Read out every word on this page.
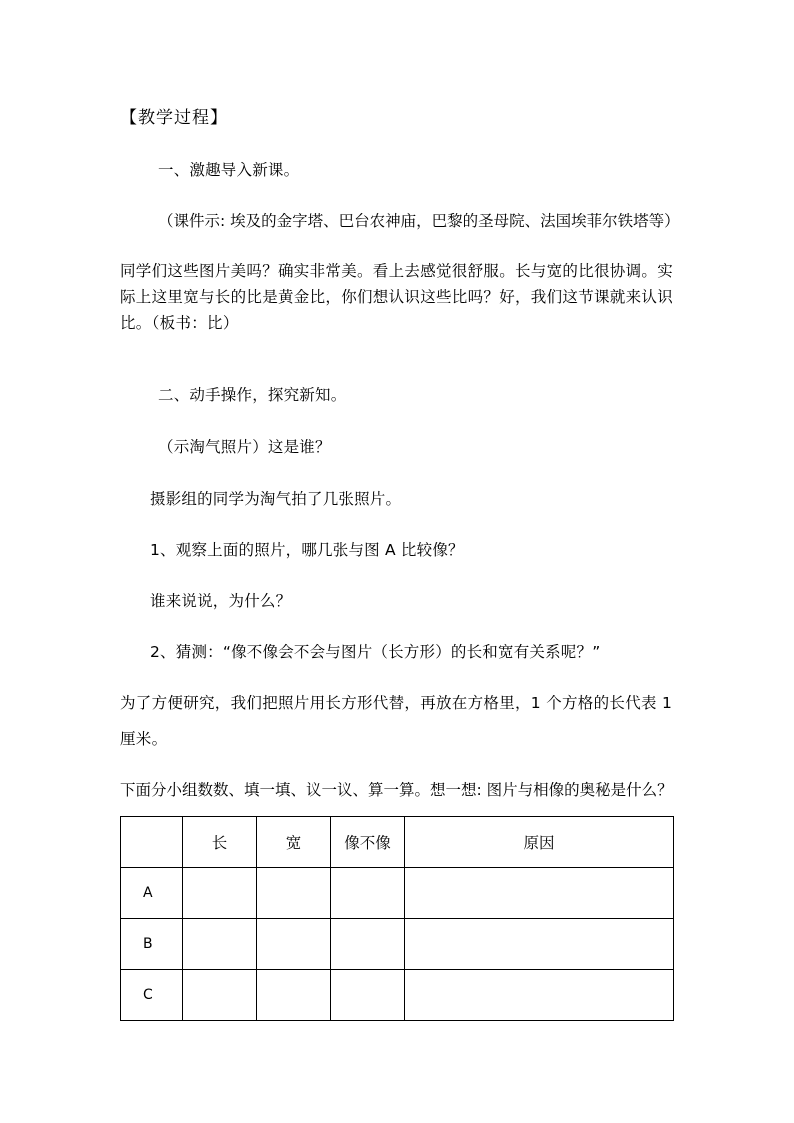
【教学过程】
一、激趣导入新课。
（课件示: 埃及的金字塔、巴台农神庙，巴黎的圣母院、法国埃菲尔铁塔等）
同学们这些图片美吗？确实非常美。看上去感觉很舒服。长与宽的比很协调。实
际上这里宽与长的比是黄金比，你们想认识这些比吗？好，我们这节课就来认识
比。（板书：比）
二、动手操作，探究新知。
（示淘气照片）这是谁？
摄影组的同学为淘气拍了几张照片。
1、观察上面的照片，哪几张与图 A 比较像？
谁来说说，为什么？
2、猜测：“像不像会不会与图片（长方形）的长和宽有关系呢？”
为了方便研究，我们把照片用长方形代替，再放在方格里，1 个方格的长代表 1
厘米。
下面分小组数数、填一填、议一议、算一算。想一想: 图片与相像的奥秘是什么？
	长	宽	像不像	原因
A				
B				
C				
